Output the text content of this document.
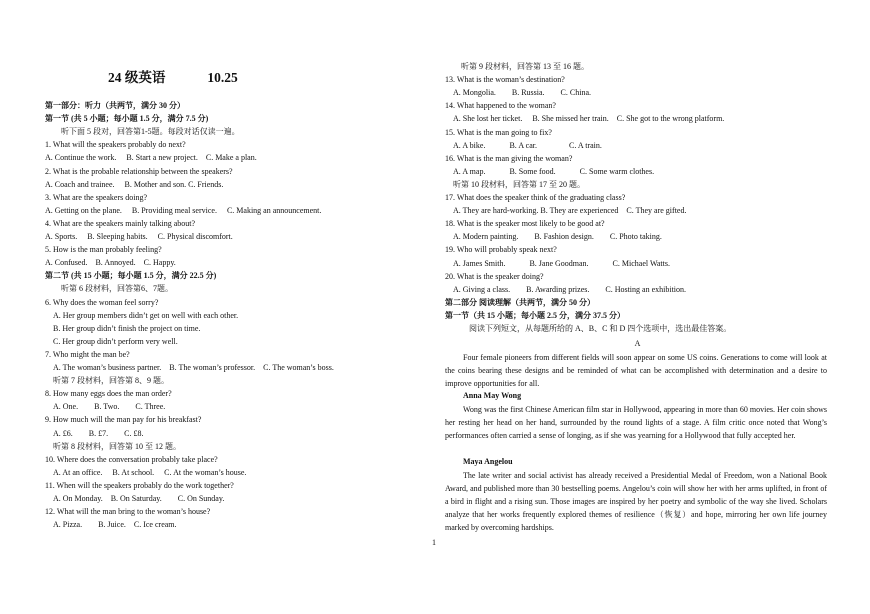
24 级英语	10.25
第一部分：听力（共两节，满分 30 分）
第一节 (共 5 小题；每小题 1.5 分，满分 7.5 分)
　　听下面 5 段对，回答第1-5题。每段对话仅读一遍。
1. What will the speakers probably do next?
A. Continue the work.　 B. Start a new project.　C. Make a plan.
2. What is the probable relationship between the speakers?
A. Coach and trainee.　 B. Mother and son. C. Friends.
3. What are the speakers doing?
A. Getting on the plane.　 B. Providing meal service.　 C. Making an announcement.
4. What are the speakers mainly talking about?
A. Sports.　 B. Sleeping habits.　 C. Physical discomfort.
5. How is the man probably feeling?
A. Confused.　B. Annoyed.　C. Happy.
第二节 (共 15 小题；每小题 1.5 分，满分 22.5 分)
　　听第 6 段材料，回答第6、7题。
6. Why does the woman feel sorry?
　A. Her group members didn’t get on well with each other.
　B. Her group didn’t finish the project on time.
　C. Her group didn’t perform very well.
7. Who might the man be?
　A. The woman’s business partner.　B. The woman’s professor.　C. The woman’s boss.
　听第 7 段材料，回答第 8、9 题。
8. How many eggs does the man order?
　A. One.　　B. Two.　　C. Three.
9. How much will the man pay for his breakfast?
　A. £6.　　B. £7.　　C. £8.
　听第 8 段材料，回答第 10 至 12 题。
10. Where does the conversation probably take place?
　A. At an office.　 B. At school.　 C. At the woman’s house.
11. When will the speakers probably do the work together?
　A. On Monday.　B. On Saturday.　　C. On Sunday.
12. What will the man bring to the woman’s house?
　A. Pizza.　　B. Juice.　C. Ice cream.
A
Four female pioneers from different fields will soon appear on some US coins. Generations to come will look at the coins bearing these designs and be reminded of what can be accomplished with determination and a desire to improve opportunities for all.
Anna May Wong
Wong was the first Chinese American film star in Hollywood, appearing in more than 60 movies. Her coin shows her resting her head on her hand, surrounded by the round lights of a stage. A film critic once noted that Wong’s performances often carried a sense of longing, as if she was yearning for a Hollywood that fully accepted her.
Maya Angelou
The late writer and social activist has already received a Presidential Medal of Freedom, won a National Book Award, and published more than 30 bestselling poems. Angelou’s coin will show her with her arms uplifted, in front of a bird in flight and a rising sun. Those images are inspired by her poetry and symbolic of the way she lived. Scholars analyze that her works frequently explored themes of resilience（恢复）and hope, mirroring her own life journey marked by overcoming hardships.
　　听第 9 段材料，回答第 13 至 16 题。
13. What is the woman’s destination?
　A. Mongolia.　　B. Russia.　　C. China.
14. What happened to the woman?
　A. She lost her ticket.　 B. She missed her train.　C. She got to the wrong platform.
15. What is the man going to fix?
　A. A bike.　　　B. A car.　　　　C. A train.
16. What is the man giving the woman?
　A. A map.　　　B. Some food.　　　C. Some warm clothes.
　听第 10 段材料，回答第 17 至 20 题。
17. What does the speaker think of the graduating class?
　A. They are hard-working. B. They are experienced　C. They are gifted.
18. What is the speaker most likely to be good at?
　A. Modern painting.　　B. Fashion design.　　C. Photo taking.
19. Who will probably speak next?
　A. James Smith.　　　B. Jane Goodman.　　　C. Michael Watts.
20. What is the speaker doing?
　A. Giving a class.　　B. Awarding prizes.　　C. Hosting an exhibition.
第二部分 阅读理解（共两节，满分 50 分）
第一节（共 15 小题；每小题 2.5 分，满分 37.5 分）
　　　阅读下列短文，从每题所给的 A、B、C 和 D 四个选项中，选出最佳答案。
1
